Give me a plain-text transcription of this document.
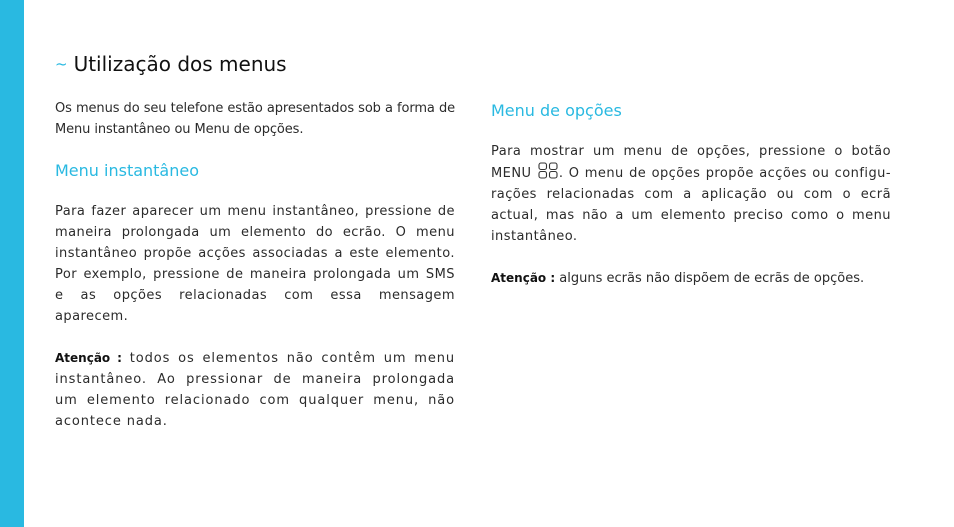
~ Utilização dos menus

Os menus do seu telefone estão apresentados sob a forma de Menu instantâneo ou Menu de opções.

Menu instantâneo

Para fazer aparecer um menu instantâneo, pressione de maneira prolongada um elemento do ecrão. O menu instantâneo propõe acções associadas a este elemento. Por exemplo, pressione de maneira prolongada um SMS e as opções relacionadas com essa mensagem aparecem.

Atenção : todos os elementos não contêm um menu instantâneo. Ao pressionar de maneira prolongada um elemento relacionado com qualquer menu, não acontece nada.

Menu de opções

Para mostrar um menu de opções, pressione o botão MENU . O menu de opções propõe acções ou configu-rações relacionadas com a aplicação ou com o ecrã actual, mas não a um elemento preciso como o menu instantâneo.

Atenção : alguns ecrãs não dispõem de ecrãs de opções.
